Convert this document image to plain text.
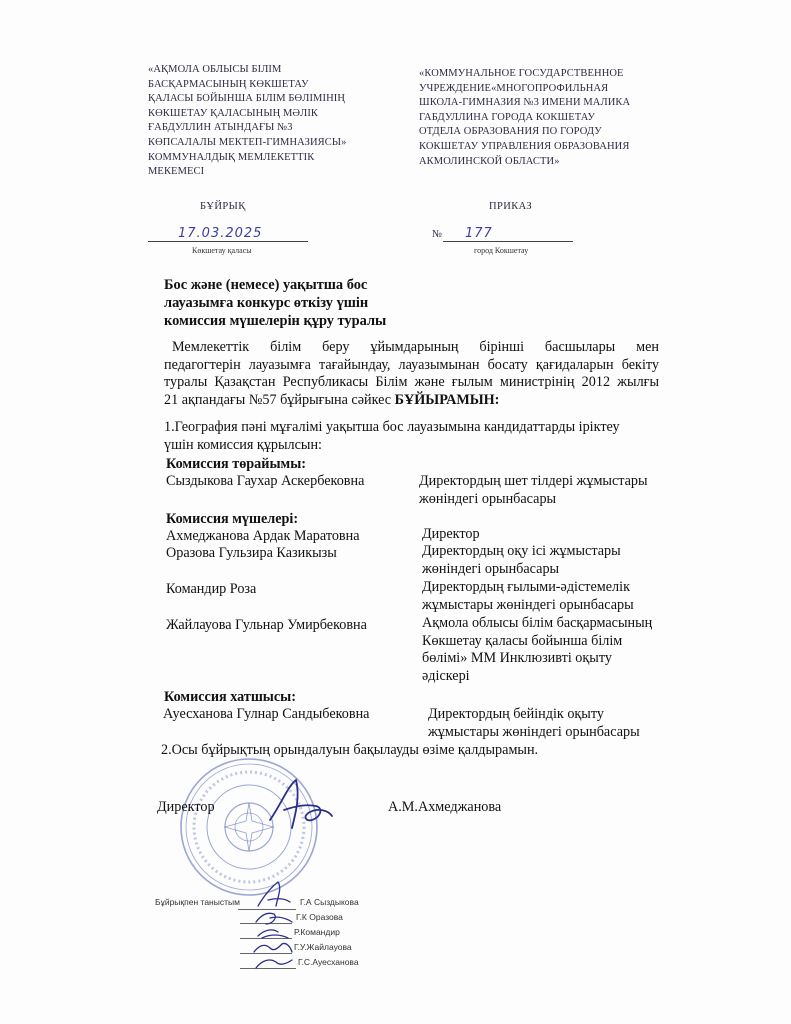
«АҚМОЛА ОБЛЫСЫ БІЛІМ
БАСҚАРМАСЫНЫҢ КӨКШЕТАУ
ҚАЛАСЫ БОЙЫНША БІЛІМ БӨЛІМІНІҢ
КӨКШЕТАУ ҚАЛАСЫНЫҢ МӘЛІК
ҒАБДУЛЛИН АТЫНДАҒЫ №3
КӨПСАЛАЛЫ МЕКТЕП-ГИМНАЗИЯСЫ»
КОММУНАЛДЫҚ МЕМЛЕКЕТТІК
МЕКЕМЕСІ
«КОММУНАЛЬНОЕ ГОСУДАРСТВЕННОЕ
УЧРЕЖДЕНИЕ«МНОГОПРОФИЛЬНАЯ
ШКОЛА-ГИМНАЗИЯ №3 ИМЕНИ МАЛИКА
ГАБДУЛЛИНА ГОРОДА КОКШЕТАУ
ОТДЕЛА ОБРАЗОВАНИЯ ПО ГОРОДУ
КОКШЕТАУ УПРАВЛЕНИЯ ОБРАЗОВАНИЯ
АКМОЛИНСКОЙ ОБЛАСТИ»
БҰЙРЫҚ	ПРИКАЗ
17.03.2025
Көкшетау қаласы
№ 177
город Кокшетау
Бос және (немесе) уақытша бос
лауазымға конкурс өткізу үшін
комиссия мүшелерін құру туралы
Мемлекеттік білім беру ұйымдарының бірінші басшылары мен
педагогтерін лауазымға тағайындау, лауазымынан босату қағидаларын бекіту
туралы Қазақстан Республикасы Білім және ғылым министрінің 2012 жылғы
21 ақпандағы №57 бұйрығына сәйкес БҰЙЫРАМЫН:
1.География пәні мұғалімі уақытша бос лауазымына кандидаттарды іріктеу
үшін комиссия құрылсын:
Комиссия төрайымы:
Сыздыкова Гаухар Аскербековна	Директордың шет тілдері жұмыстары
жөніндегі орынбасары
Комиссия мүшелері:
Ахмеджанова Ардак Маратовна	Директор
Оразова Гульзира Казикызы	Директордың оқу ісі жұмыстары
жөніндегі орынбасары
Командир Роза	Директордың ғылыми-әдістемелік
жұмыстары жөніндегі орынбасары
Жайлауова Гульнар Умирбековна	Ақмола облысы білім басқармасының
Көкшетау қаласы бойынша білім
бөлімі» ММ Инклюзивті оқыту
әдіскері
Комиссия хатшысы:
Ауесханова Гулнар Сандыбековна	Директордың бейіндік оқыту
жұмыстары жөніндегі орынбасары
2.Осы бұйрықтың орындалуын бақылауды өзіме қалдырамын.
Директор	А.М.Ахмеджанова
Бұйрықпен таныстым	Г.А Сыздыкова
Г.К Оразова
Р.Командир
Г.У.Жайлауова
Г.С.Ауесханова
